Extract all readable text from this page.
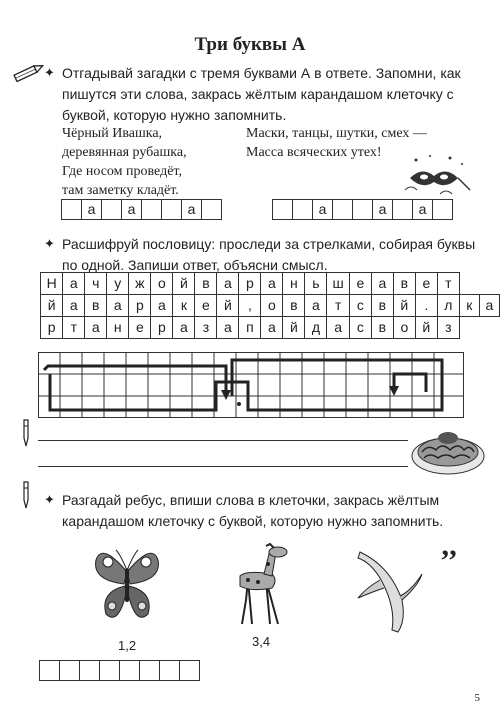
Три буквы А
✦ Отгадывай загадки с тремя буквами А в ответе. Запомни, как пишутся эти слова, закрась жёлтым карандашом клеточку с буквой, которую нужно запомнить.
Чёрный Ивашка,
деревянная рубашка,
Где носом проведёт,
там заметку кладёт.
Маски, танцы, шутки, смех —
Масса всяческих утех!
а	а	а	а	а	а
✦ Расшифруй пословицу: проследи за стрелками, собирая буквы по одной. Запиши ответ, объясни смысл.
Н	а	ч	у	ж	о	й	в	а	р	а	н	ь	ш	е	а	в	е	т		
й	а	в	а	р	а	к	е	й	,	о	в	а	т	с	в	й	.	л	к	а
р	т	а	н	е	р	а	з	а	п	а	й	д	а	с	в	о	й	з		
✦ Разгадай ребус, впиши слова в клеточки, закрась жёлтым карандашом клеточку с буквой, которую нужно запомнить.
’’
1,2	3,4
5
